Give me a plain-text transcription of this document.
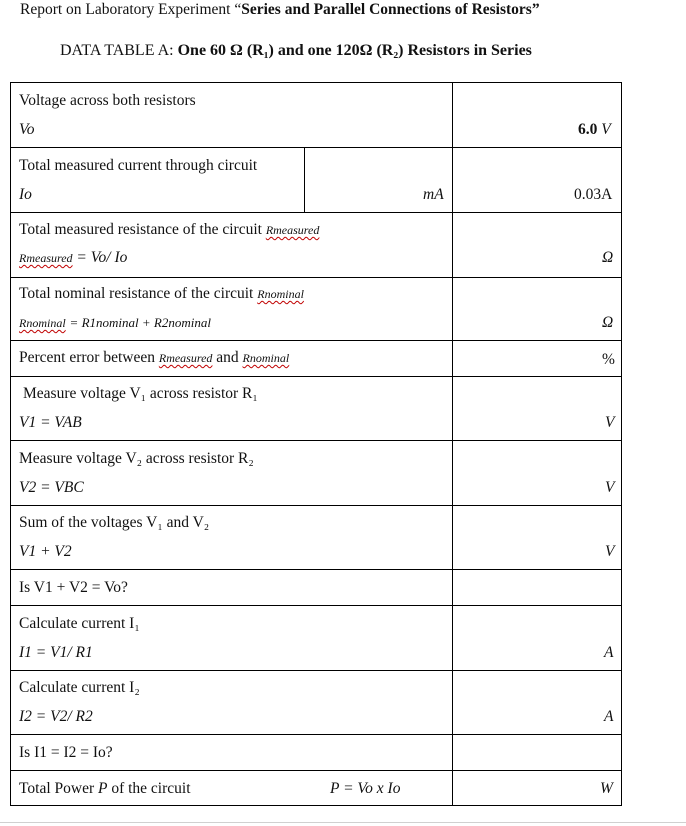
Report on Laboratory Experiment “Series and Parallel Connections of Resistors”
DATA TABLE A: One 60 Ω (R₁) and one 120Ω (R₂) Resistors in Series
Voltage across both resistors
Vo	6.0 V
Total measured current through circuit
Io	mA	0.03A
Total measured resistance of the circuit Rmeasured
Rmeasured = Vo/ Io	Ω
Total nominal resistance of the circuit Rnominal
Rnominal = R1nominal + R2nominal	Ω
Percent error between Rmeasured and Rnominal	%
Measure voltage V₁ across resistor R₁
V1 = VAB	V
Measure voltage V₂ across resistor R₂
V2 = VBC	V
Sum of the voltages V₁ and V₂
V1 + V2	V
Is V1 + V2 = Vo?
Calculate current I₁
I1 = V1/ R1	A
Calculate current I₂
I2 = V2/ R2	A
Is I1 = I2 = Io?
Total Power P of the circuit	P = Vo x Io	W
